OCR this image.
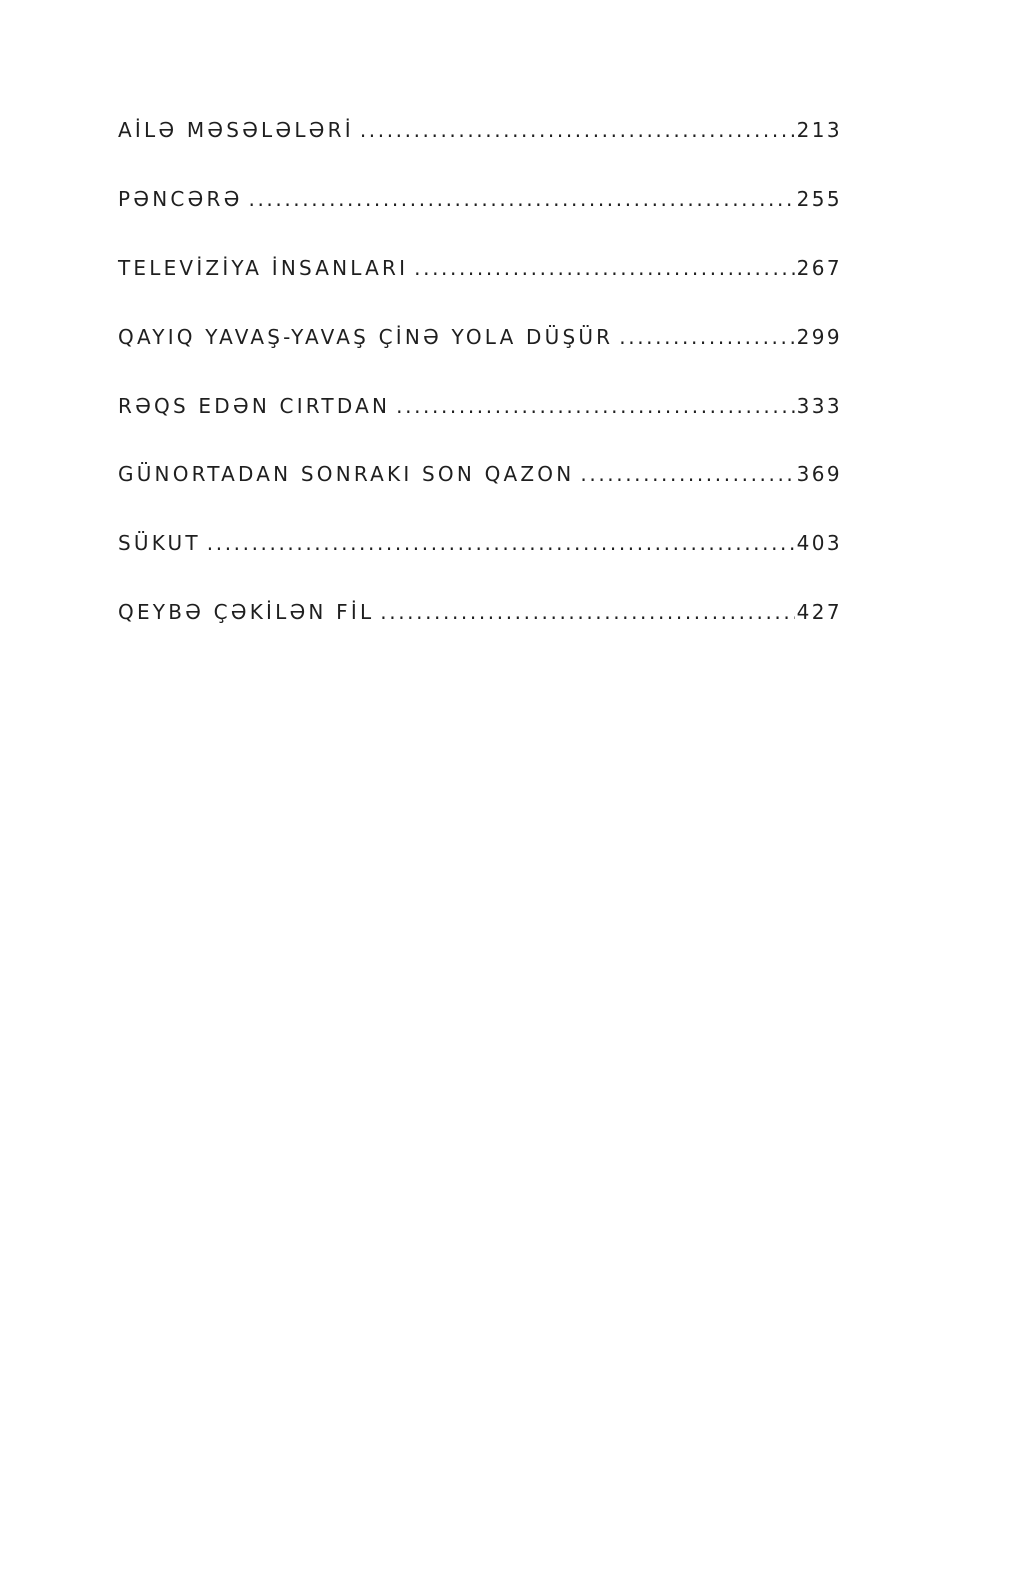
AİLƏ MƏSƏLƏLƏRİ .....	213
PƏNCƏRƏ .....	255
TELEVİZİYA İNSANLARI .....	267
QAYIQ YAVAŞ-YAVAŞ ÇİNƏ YOLA DÜŞÜR .....	299
RƏQS EDƏN CIRTDAN .....	333
GÜNORTADAN SONRAKI SON QAZON .....	369
SÜKUT .....	403
QEYBƏ ÇƏKİLƏN FİL .....	427
